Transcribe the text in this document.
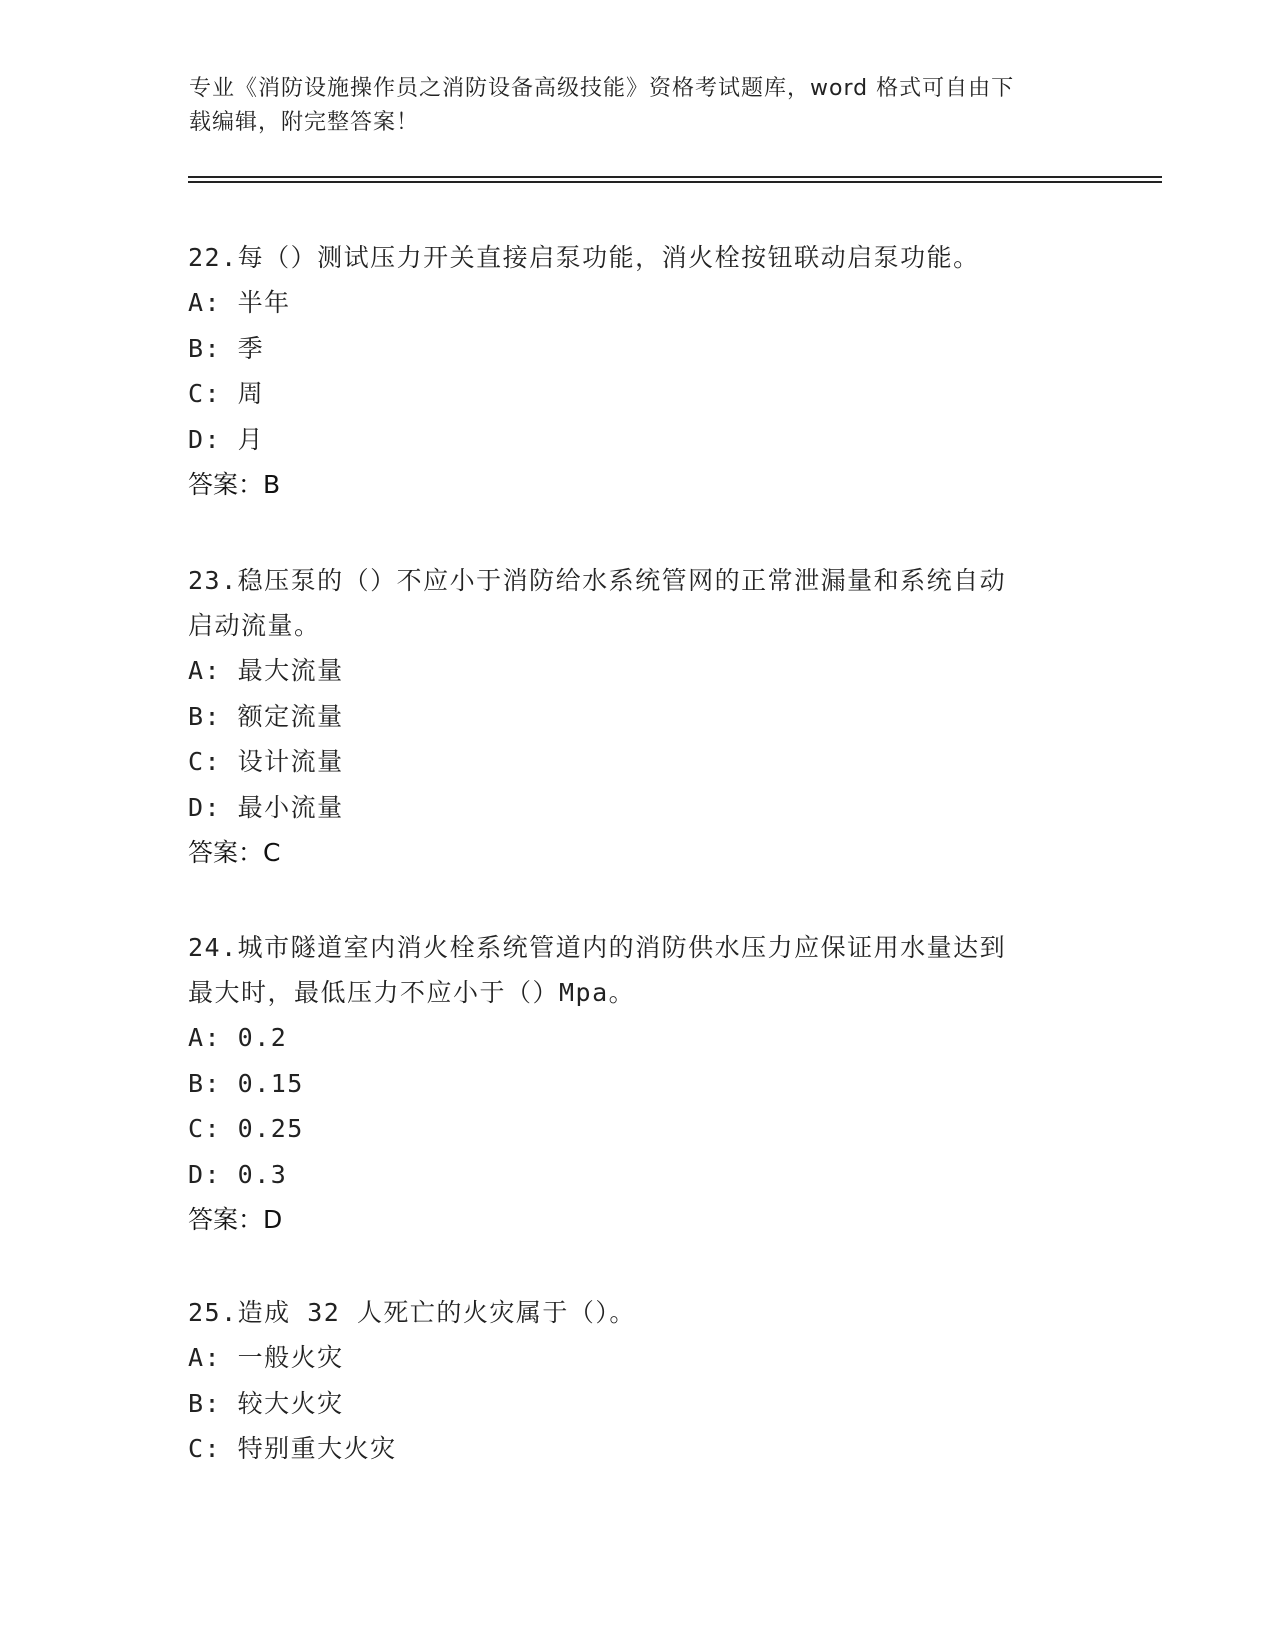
专业《消防设施操作员之消防设备高级技能》资格考试题库，word 格式可自由下
载编辑，附完整答案！

22.每（）测试压力开关直接启泵功能，消火栓按钮联动启泵功能。

A: 半年

B: 季

C: 周

D: 月

答案：B

23.稳压泵的（）不应小于消防给水系统管网的正常泄漏量和系统自动

启动流量。

A: 最大流量

B: 额定流量

C: 设计流量

D: 最小流量

答案：C

24.城市隧道室内消火栓系统管道内的消防供水压力应保证用水量达到

最大时，最低压力不应小于（）Mpa。

A: 0.2

B: 0.15

C: 0.25

D: 0.3

答案：D

25.造成 32 人死亡的火灾属于（）。

A: 一般火灾

B: 较大火灾

C: 特别重大火灾
